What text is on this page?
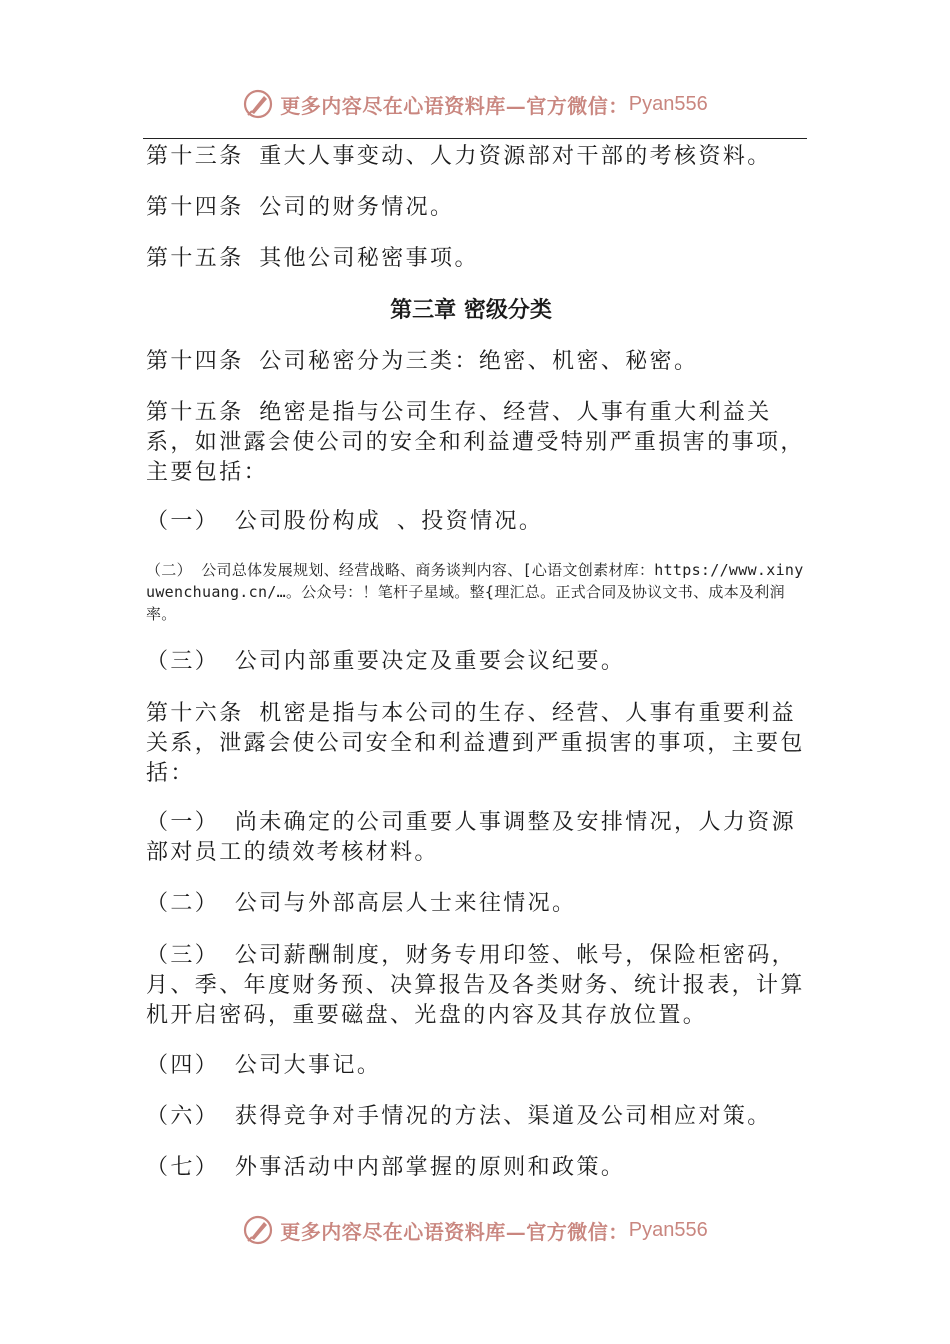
更多内容尽在心语资料库—官方微信： Pyan556

第十三条 重大人事变动、人力资源部对干部的考核资料。

第十四条 公司的财务情况。

第十五条 其他公司秘密事项。

第三章 密级分类

第十四条 公司秘密分为三类：绝密、机密、秘密。

第十五条 绝密是指与公司生存、经营、人事有重大利益关系，如泄露会使公司的安全和利益遭受特别严重损害的事项，主要包括：

（一） 公司股份构成 、投资情况。

（二） 公司总体发展规划、经营战略、商务谈判内容、[心语文创素材库：https://www.xinyuwenchuang.cn/…。公众号：！笔杆子星域。整{理汇总。正式合同及协议文书、成本及利润率。

（三） 公司内部重要决定及重要会议纪要。

第十六条 机密是指与本公司的生存、经营、人事有重要利益关系，泄露会使公司安全和利益遭到严重损害的事项，主要包括：

（一） 尚未确定的公司重要人事调整及安排情况，人力资源部对员工的绩效考核材料。

（二） 公司与外部高层人士来往情况。

（三） 公司薪酬制度，财务专用印签、帐号，保险柜密码，月、季、年度财务预、决算报告及各类财务、统计报表，计算机开启密码，重要磁盘、光盘的内容及其存放位置。

（四） 公司大事记。

（六） 获得竞争对手情况的方法、渠道及公司相应对策。

（七） 外事活动中内部掌握的原则和政策。

更多内容尽在心语资料库—官方微信： Pyan556
